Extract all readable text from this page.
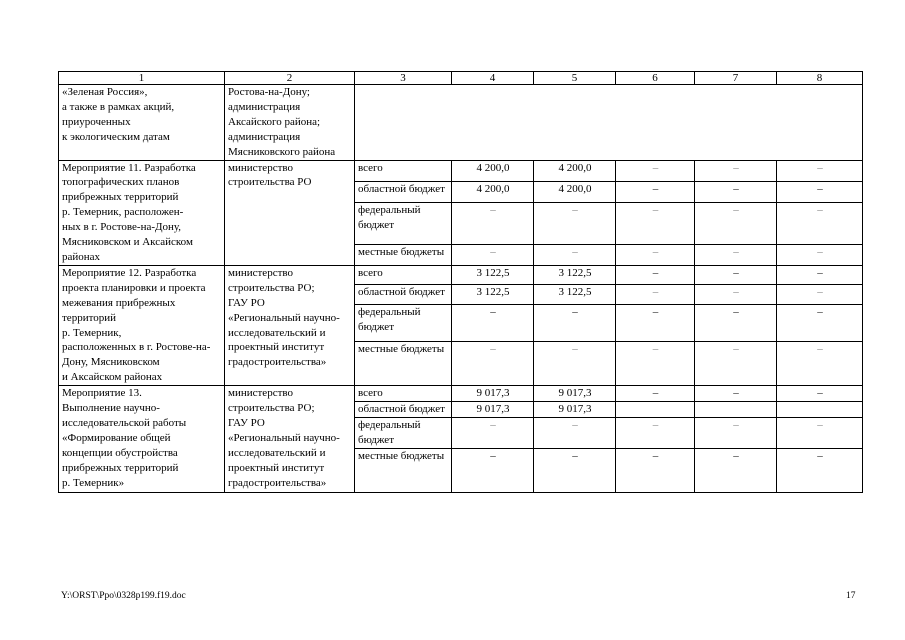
1	2	3	4	5	6	7	8
«Зеленая Россия»,
а также в рамках акций, приуроченных
к экологическим датам	Ростова-на-Дону;
администрация
Аксайского района;
администрация
Мясниковского района						
Мероприятие 11. Разработка топографических планов прибрежных территорий
р. Темерник, расположен-
ных в г. Ростове-на-Дону, Мясниковском и Аксайском районах	министерство строительства РО	всего	4 200,0	4 200,0	–	–	–
		областной бюджет	4 200,0	4 200,0	–	–	–
		федеральный бюджет	–	–	–	–	–
		местные бюджеты	–	–	–	–	–
Мероприятие 12. Разработка проекта планировки и проекта межевания прибрежных территорий
р. Темерник,
расположенных в г. Ростове-на-Дону, Мясниковском
и Аксайском районах	министерство строительства РО;
ГАУ РО
«Региональный научно-исследовательский и проектный институт градостроительства»	всего	3 122,5	3 122,5	–	–	–
		областной бюджет	3 122,5	3 122,5	–	–	–
		федеральный бюджет	–	–	–	–	–
		местные бюджеты	–	–	–	–	–
Мероприятие 13.
Выполнение научно-исследовательской работы «Формирование общей концепции обустройства прибрежных территорий
р. Темерник»	министерство строительства РО;
ГАУ РО
«Региональный научно-исследовательский и проектный институт градостроительства»	всего	9 017,3	9 017,3	–	–	–
		областной бюджет	9 017,3	9 017,3			
		федеральный бюджет	–	–	–	–	–
		местные бюджеты	–	–	–	–	–
Y:\ORST\Ppo\0328p199.f19.doc	17
